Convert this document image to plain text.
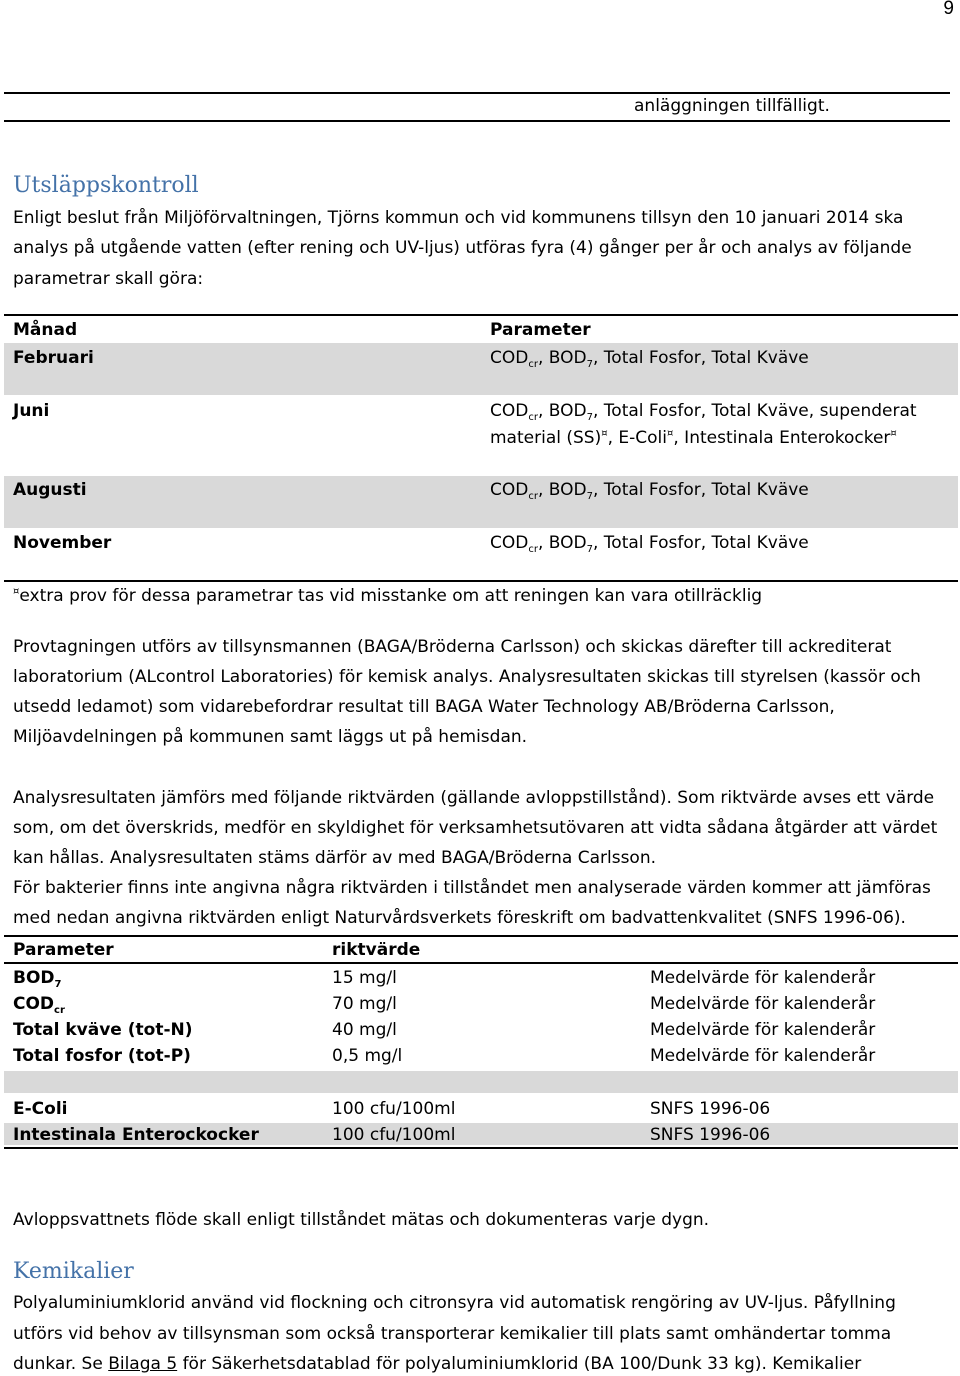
9
anläggningen tillfälligt.
Utsläppskontroll
Enligt beslut från Miljöförvaltningen, Tjörns kommun och vid kommunens tillsyn den 10 januari 2014 ska
analys på utgående vatten (efter rening och UV-ljus) utföras fyra (4) gånger per år och analys av följande
parametrar skall göra:
Månad	Parameter
Februari	$COD_{cr}$, $BOD_7$, Total Fosfor, Total Kväve
Juni	$COD_{cr}$, $BOD_7$, Total Fosfor, Total Kväve, supenderat
material (SS)¤, E-Coli¤, Intestinala Enterokocker¤
Augusti	$COD_{cr}$, $BOD_7$, Total Fosfor, Total Kväve
November	$COD_{cr}$, $BOD_7$, Total Fosfor, Total Kväve
¤extra prov för dessa parametrar tas vid misstanke om att reningen kan vara otillräcklig
Provtagningen utförs av tillsynsmannen (BAGA/Bröderna Carlsson) och skickas därefter till ackrediterat
laboratorium (ALcontrol Laboratories) för kemisk analys. Analysresultaten skickas till styrelsen (kassör och
utsedd ledamot) som vidarebefordrar resultat till BAGA Water Technology AB/Bröderna Carlsson,
Miljöavdelningen på kommunen samt läggs ut på hemisdan.
Analysresultaten jämförs med följande riktvärden (gällande avloppstillstånd). Som riktvärde avses ett värde
som, om det överskrids, medför en skyldighet för verksamhetsutövaren att vidta sådana åtgärder att värdet
kan hållas. Analysresultaten stäms därför av med BAGA/Bröderna Carlsson.
För bakterier finns inte angivna några riktvärden i tillståndet men analyserade värden kommer att jämföras
med nedan angivna riktvärden enligt Naturvårdsverkets föreskrift om badvattenkvalitet (SNFS 1996-06).
Parameter	riktvärde
$BOD_7$	15 mg/l	Medelvärde för kalenderår
$COD_{cr}$	70 mg/l	Medelvärde för kalenderår
Total kväve (tot-N)	40 mg/l	Medelvärde för kalenderår
Total fosfor (tot-P)	0,5 mg/l	Medelvärde för kalenderår
E-Coli	100 cfu/100ml	SNFS 1996-06
Intestinala Enterockocker	100 cfu/100ml	SNFS 1996-06
Avloppsvattnets flöde skall enligt tillståndet mätas och dokumenteras varje dygn.
Kemikalier
Polyaluminiumklorid använd vid flockning och citronsyra vid automatisk rengöring av UV-ljus. Påfyllning
utförs vid behov av tillsynsman som också transporterar kemikalier till plats samt omhändertar tomma
dunkar. Se Bilaga 5 för Säkerhetsdatablad för polyaluminiumklorid (BA 100/Dunk 33 kg). Kemikalier
